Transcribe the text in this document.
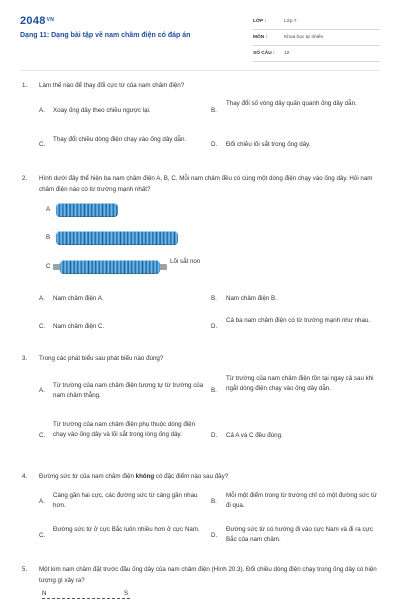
$2048^{VN}$
Dạng 11: Dạng bài tập về nam châm điện có đáp án
LỚP :	Lớp 7
MÔN :	Khoa học tự nhiên
SỐ CÂU :	12
1. Làm thế nào để thay đổi cực từ của nam châm điện?
A. Xoay ống dây theo chiều ngược lại.	B.
Thay đổi số vòng dây quấn quanh ống dây dẫn.
C.
Thay đổi chiều dòng điện chạy vào ống dây dẫn.
D. Đổi chiều lõi sắt trong ống dây.
2. Hình dưới đây thể hiện ba nam châm điện A, B, C. Mỗi nam châm đều có cùng một dòng điện chạy vào ống dây. Hỏi nam châm điện nào có từ trường mạnh nhất?
A
B
C
Lõi sắt non
A. Nam châm điện A.	B. Nam châm điện B.
C. Nam châm điện C.	D.
Cả ba nam châm điện có từ trường mạnh như nhau.
3. Trong các phát biểu sau phát biểu nào đúng?
A.
Từ trường của nam châm điện tương tự từ trường của nam châm thẳng.
B.
Từ trường của nam châm điện tồn tại ngay cả sau khi ngắt dòng điện chạy vào ống dây dẫn.
C.
Từ trường của nam châm điện phụ thuộc dòng điện chạy vào ống dây và lõi sắt trong lòng ống dây.	D. Cả A và C đều đúng.
4. Đường sức từ của nam châm điện không có đặc điểm nào sau đây?
A.
Càng gần hai cực, các đường sức từ càng gần nhau hơn.	B.
Mỗi một điểm trong từ trường chỉ có một đường sức từ đi qua.
C.
Đường sức từ ở cực Bắc luôn nhiều hơn ở cực Nam.
D.
Đường sức từ có hướng đi vào cực Nam và đi ra cực Bắc của nam châm.
5. Một kim nam châm đặt trước đầu ống dây của nam châm điện (Hình 20.3). Đổi chiều dòng điện chạy trong ống dây có hiện tượng gì xảy ra?
N	S
